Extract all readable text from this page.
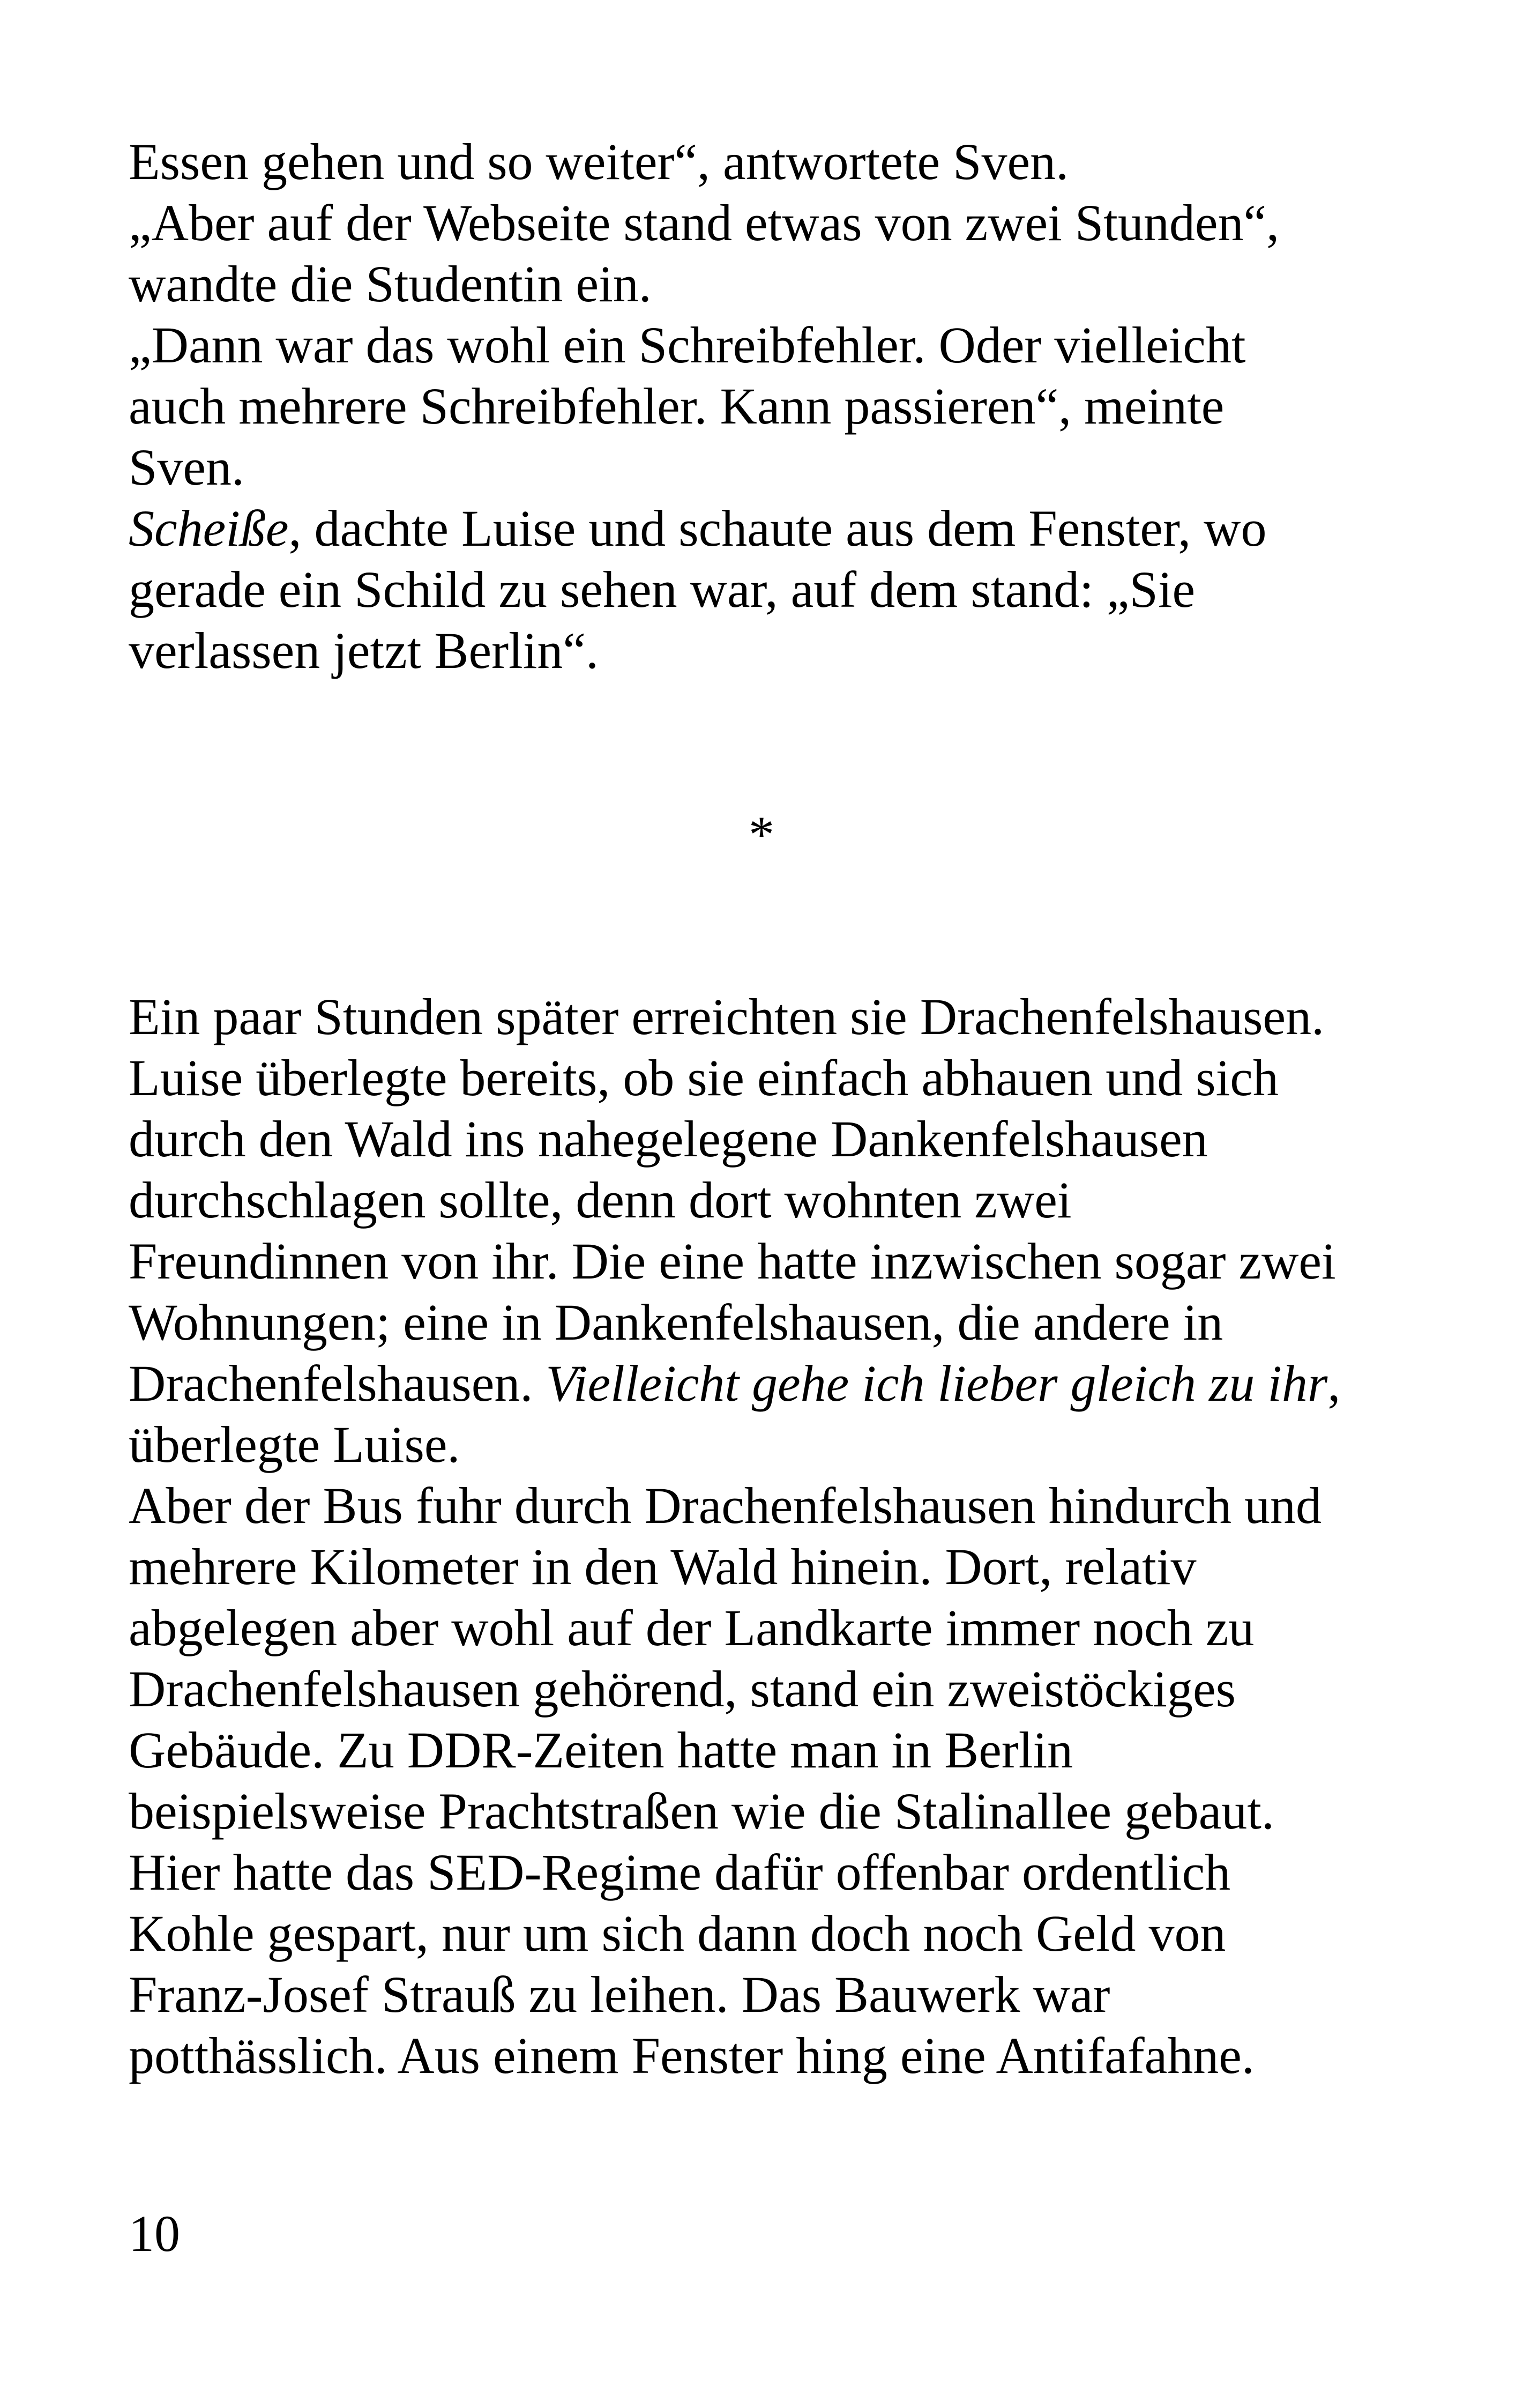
Essen gehen und so weiter“, antwortete Sven.
„Aber auf der Webseite stand etwas von zwei Stunden“,
wandte die Studentin ein.
„Dann war das wohl ein Schreibfehler. Oder vielleicht
auch mehrere Schreibfehler. Kann passieren“, meinte
Sven.
Scheiße, dachte Luise und schaute aus dem Fenster, wo
gerade ein Schild zu sehen war, auf dem stand: „Sie
verlassen jetzt Berlin“.
*
Ein paar Stunden später erreichten sie Drachenfelshausen.
Luise überlegte bereits, ob sie einfach abhauen und sich
durch den Wald ins nahegelegene Dankenfelshausen
durchschlagen sollte, denn dort wohnten zwei
Freundinnen von ihr. Die eine hatte inzwischen sogar zwei
Wohnungen; eine in Dankenfelshausen, die andere in
Drachenfelshausen. Vielleicht gehe ich lieber gleich zu ihr,
überlegte Luise.
Aber der Bus fuhr durch Drachenfelshausen hindurch und
mehrere Kilometer in den Wald hinein. Dort, relativ
abgelegen aber wohl auf der Landkarte immer noch zu
Drachenfelshausen gehörend, stand ein zweistöckiges
Gebäude. Zu DDR-Zeiten hatte man in Berlin
beispielsweise Prachtstraßen wie die Stalinallee gebaut.
Hier hatte das SED-Regime dafür offenbar ordentlich
Kohle gespart, nur um sich dann doch noch Geld von
Franz-Josef Strauß zu leihen. Das Bauwerk war
potthässlich. Aus einem Fenster hing eine Antifafahne.
10
